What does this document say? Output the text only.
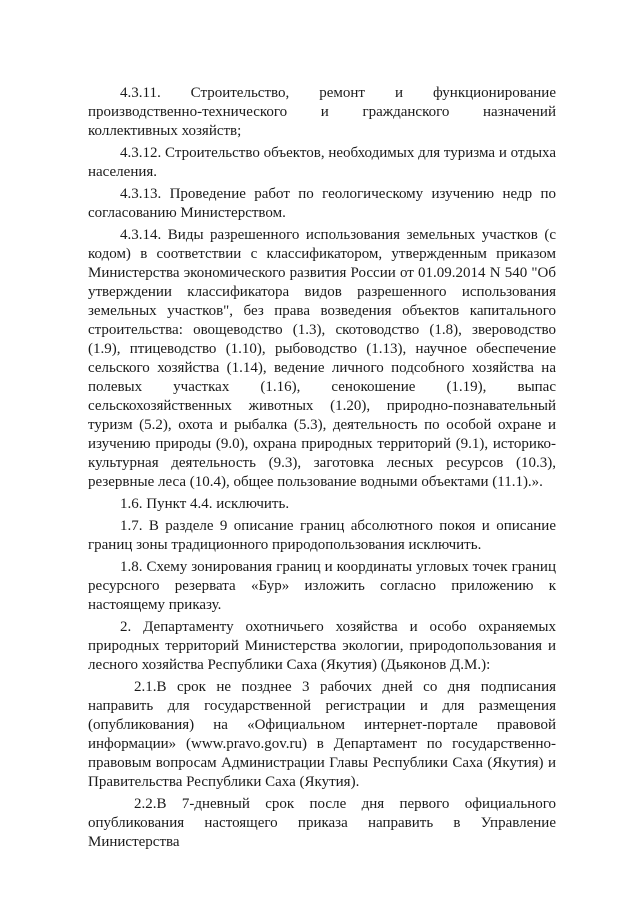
4.3.11. Строительство, ремонт и функционирование производственно-технического и гражданского назначений коллективных хозяйств;

4.3.12. Строительство объектов, необходимых для туризма и отдыха населения.

4.3.13. Проведение работ по геологическому изучению недр по согласованию Министерством.

4.3.14. Виды разрешенного использования земельных участков (с кодом) в соответствии с классификатором, утвержденным приказом Министерства экономического развития России от 01.09.2014 N 540 "Об утверждении классификатора видов разрешенного использования земельных участков", без права возведения объектов капитального строительства: овощеводство (1.3), скотоводство (1.8), звероводство (1.9), птицеводство (1.10), рыбоводство (1.13), научное обеспечение сельского хозяйства (1.14), ведение личного подсобного хозяйства на полевых участках (1.16), сенокошение (1.19), выпас сельскохозяйственных животных (1.20), природно-познавательный туризм (5.2), охота и рыбалка (5.3), деятельность по особой охране и изучению природы (9.0), охрана природных территорий (9.1), историко-культурная деятельность (9.3), заготовка лесных ресурсов (10.3), резервные леса (10.4), общее пользование водными объектами (11.1).».

1.6. Пункт 4.4. исключить.

1.7. В разделе 9 описание границ абсолютного покоя и описание границ зоны традиционного природопользования исключить.

1.8. Схему зонирования границ и координаты угловых точек границ ресурсного резервата «Бур» изложить согласно приложению к настоящему приказу.

2. Департаменту охотничьего хозяйства и особо охраняемых природных территорий Министерства экологии, природопользования и лесного хозяйства Республики Саха (Якутия) (Дьяконов Д.М.):

2.1.В срок не позднее 3 рабочих дней со дня подписания направить для государственной регистрации и для размещения (опубликования) на «Официальном интернет-портале правовой информации» (www.pravo.gov.ru) в Департамент по государственно-правовым вопросам Администрации Главы Республики Саха (Якутия) и Правительства Республики Саха (Якутия).

2.2.В 7-дневный срок после дня первого официального опубликования настоящего приказа направить в Управление Министерства
